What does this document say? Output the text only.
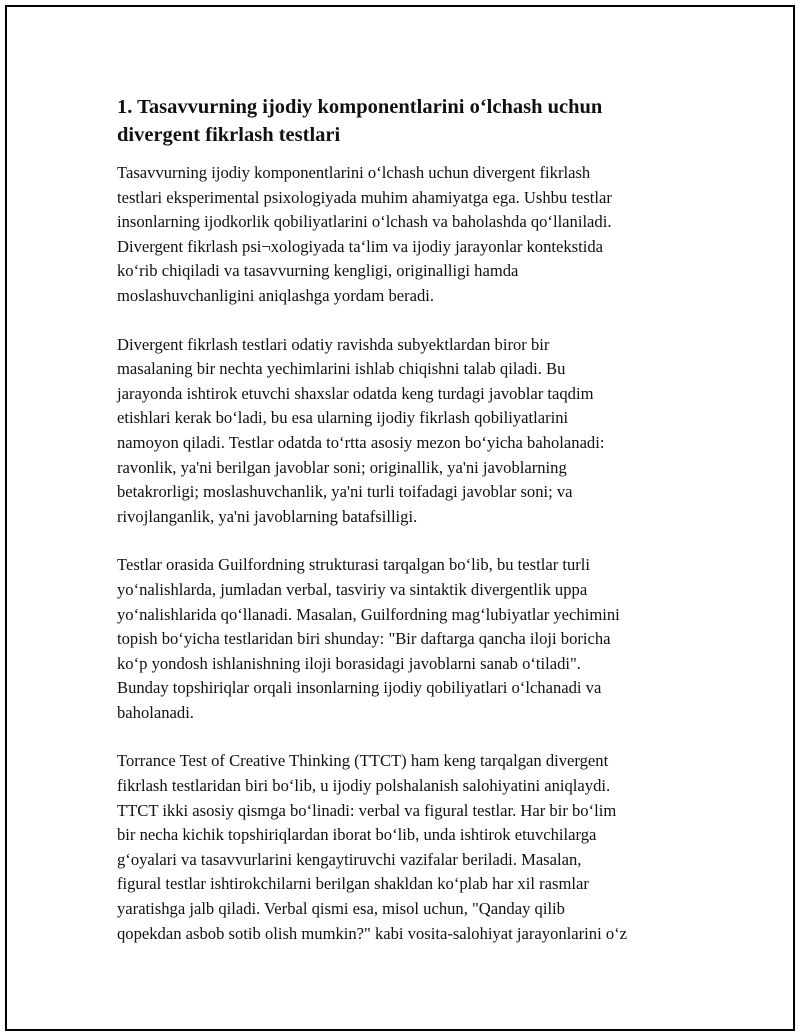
1. Tasavvurning ijodiy komponentlarini o‘lchash uchun
divergent fikrlash testlari

Tasavvurning ijodiy komponentlarini o‘lchash uchun divergent fikrlash
testlari eksperimental psixologiyada muhim ahamiyatga ega. Ushbu testlar
insonlarning ijodkorlik qobiliyatlarini o‘lchash va baholashda qo‘llaniladi.
Divergent fikrlash psi¬xologiyada ta‘lim va ijodiy jarayonlar kontekstida
ko‘rib chiqiladi va tasavvurning kengligi, originalligi hamda
moslashuvchanligini aniqlashga yordam beradi.

Divergent fikrlash testlari odatiy ravishda subyektlardan biror bir
masalaning bir nechta yechimlarini ishlab chiqishni talab qiladi. Bu
jarayonda ishtirok etuvchi shaxslar odatda keng turdagi javoblar taqdim
etishlari kerak bo‘ladi, bu esa ularning ijodiy fikrlash qobiliyatlarini
namoyon qiladi. Testlar odatda to‘rtta asosiy mezon bo‘yicha baholanadi:
ravonlik, ya'ni berilgan javoblar soni; originallik, ya'ni javoblarning
betakrorligi; moslashuvchanlik, ya'ni turli toifadagi javoblar soni; va
rivojlanganlik, ya'ni javoblarning batafsilligi.

Testlar orasida Guilfordning strukturasi tarqalgan bo‘lib, bu testlar turli
yo‘nalishlarda, jumladan verbal, tasviriy va sintaktik divergentlik uppa
yo‘nalishlarida qo‘llanadi. Masalan, Guilfordning mag‘lubiyatlar yechimini
topish bo‘yicha testlaridan biri shunday: "Bir daftarga qancha iloji boricha
ko‘p yondosh ishlanishning iloji borasidagi javoblarni sanab o‘tiladi".
Bunday topshiriqlar orqali insonlarning ijodiy qobiliyatlari o‘lchanadi va
baholanadi.

Torrance Test of Creative Thinking (TTCT) ham keng tarqalgan divergent
fikrlash testlaridan biri bo‘lib, u ijodiy polshalanish salohiyatini aniqlaydi.
TTCT ikki asosiy qismga bo‘linadi: verbal va figural testlar. Har bir bo‘lim
bir necha kichik topshiriqlardan iborat bo‘lib, unda ishtirok etuvchilarga
g‘oyalari va tasavvurlarini kengaytiruvchi vazifalar beriladi. Masalan,
figural testlar ishtirokchilarni berilgan shakldan ko‘plab har xil rasmlar
yaratishga jalb qiladi. Verbal qismi esa, misol uchun, "Qanday qilib
qopekdan asbob sotib olish mumkin?" kabi vosita-salohiyat jarayonlarini o‘z
